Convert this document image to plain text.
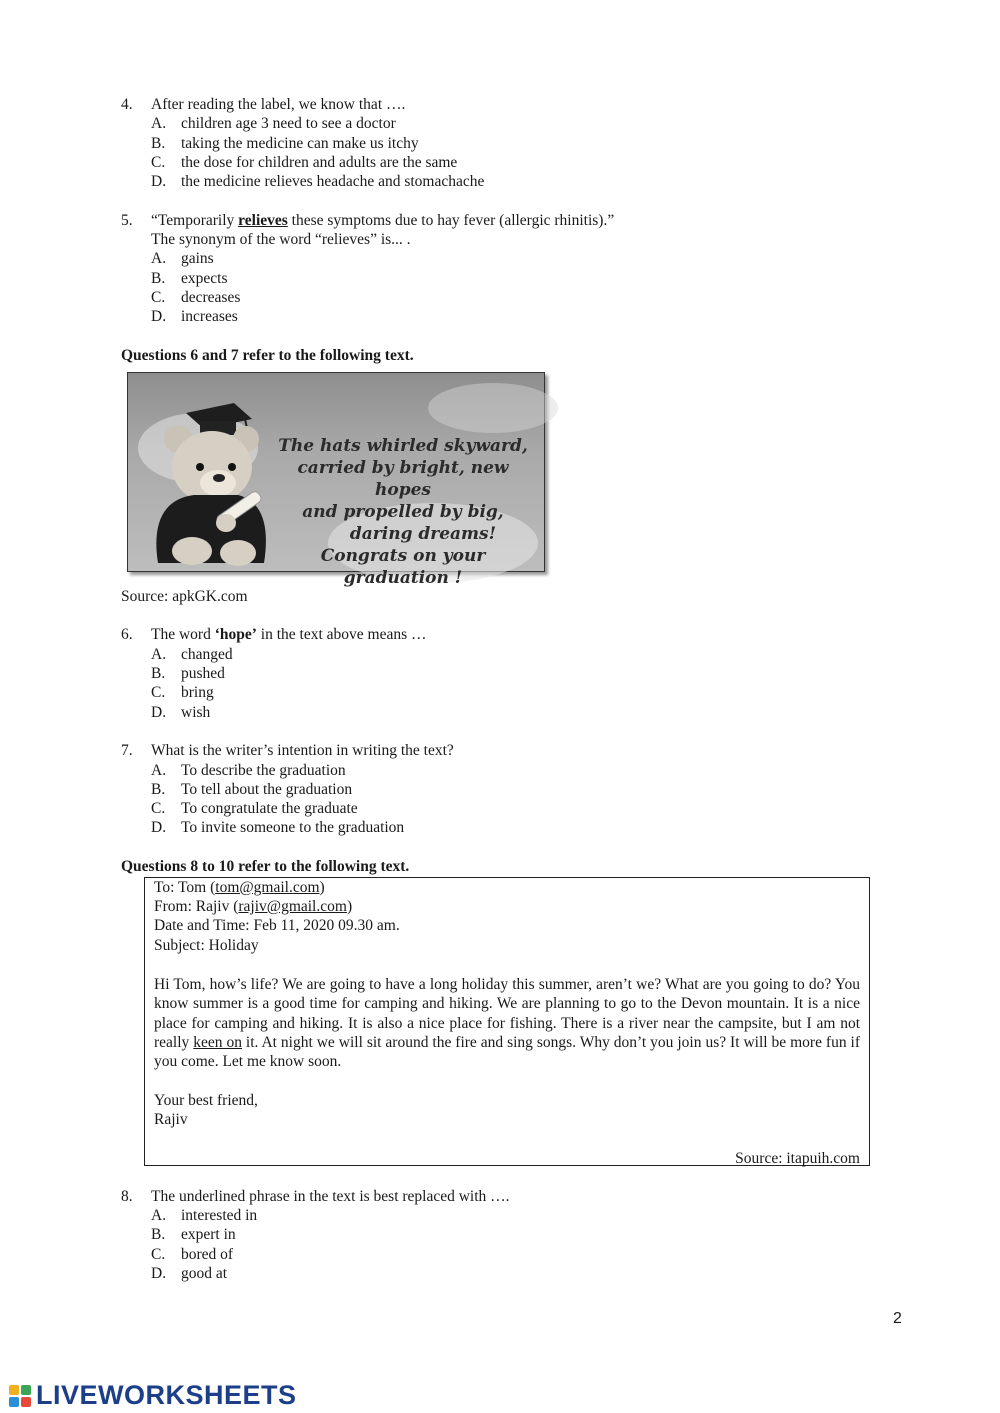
4. After reading the label, we know that ….
A. children age 3 need to see a doctor
B. taking the medicine can make us itchy
C. the dose for children and adults are the same
D. the medicine relieves headache and stomachache
5. “Temporarily relieves these symptoms due to hay fever (allergic rhinitis).”
The synonym of the word “relieves” is... .
A. gains
B. expects
C. decreases
D. increases
Questions 6 and 7 refer to the following text.
The hats whirled skyward,
carried by bright, new hopes
and propelled by big,
daring dreams!
Congrats on your graduation !
Source: apkGK.com
6. The word ‘hope’ in the text above means …
A. changed
B. pushed
C. bring
D. wish
7. What is the writer’s intention in writing the text?
A. To describe the graduation
B. To tell about the graduation
C. To congratulate the graduate
D. To invite someone to the graduation
Questions 8 to 10 refer to the following text.
To: Tom (tom@gmail.com)
From: Rajiv (rajiv@gmail.com)
Date and Time: Feb 11, 2020 09.30 am.
Subject: Holiday
Hi Tom, how’s life? We are going to have a long holiday this summer, aren’t we? What are you going to do? You know summer is a good time for camping and hiking. We are planning to go to the Devon mountain. It is a nice place for camping and hiking. It is also a nice place for fishing. There is a river near the campsite, but I am not really keen on it. At night we will sit around the fire and sing songs. Why don’t you join us? It will be more fun if you come. Let me know soon.
Your best friend,
Rajiv
Source: itapuih.com
8. The underlined phrase in the text is best replaced with ….
A. interested in
B. expert in
C. bored of
D. good at
2
LIVEWORKSHEETS
